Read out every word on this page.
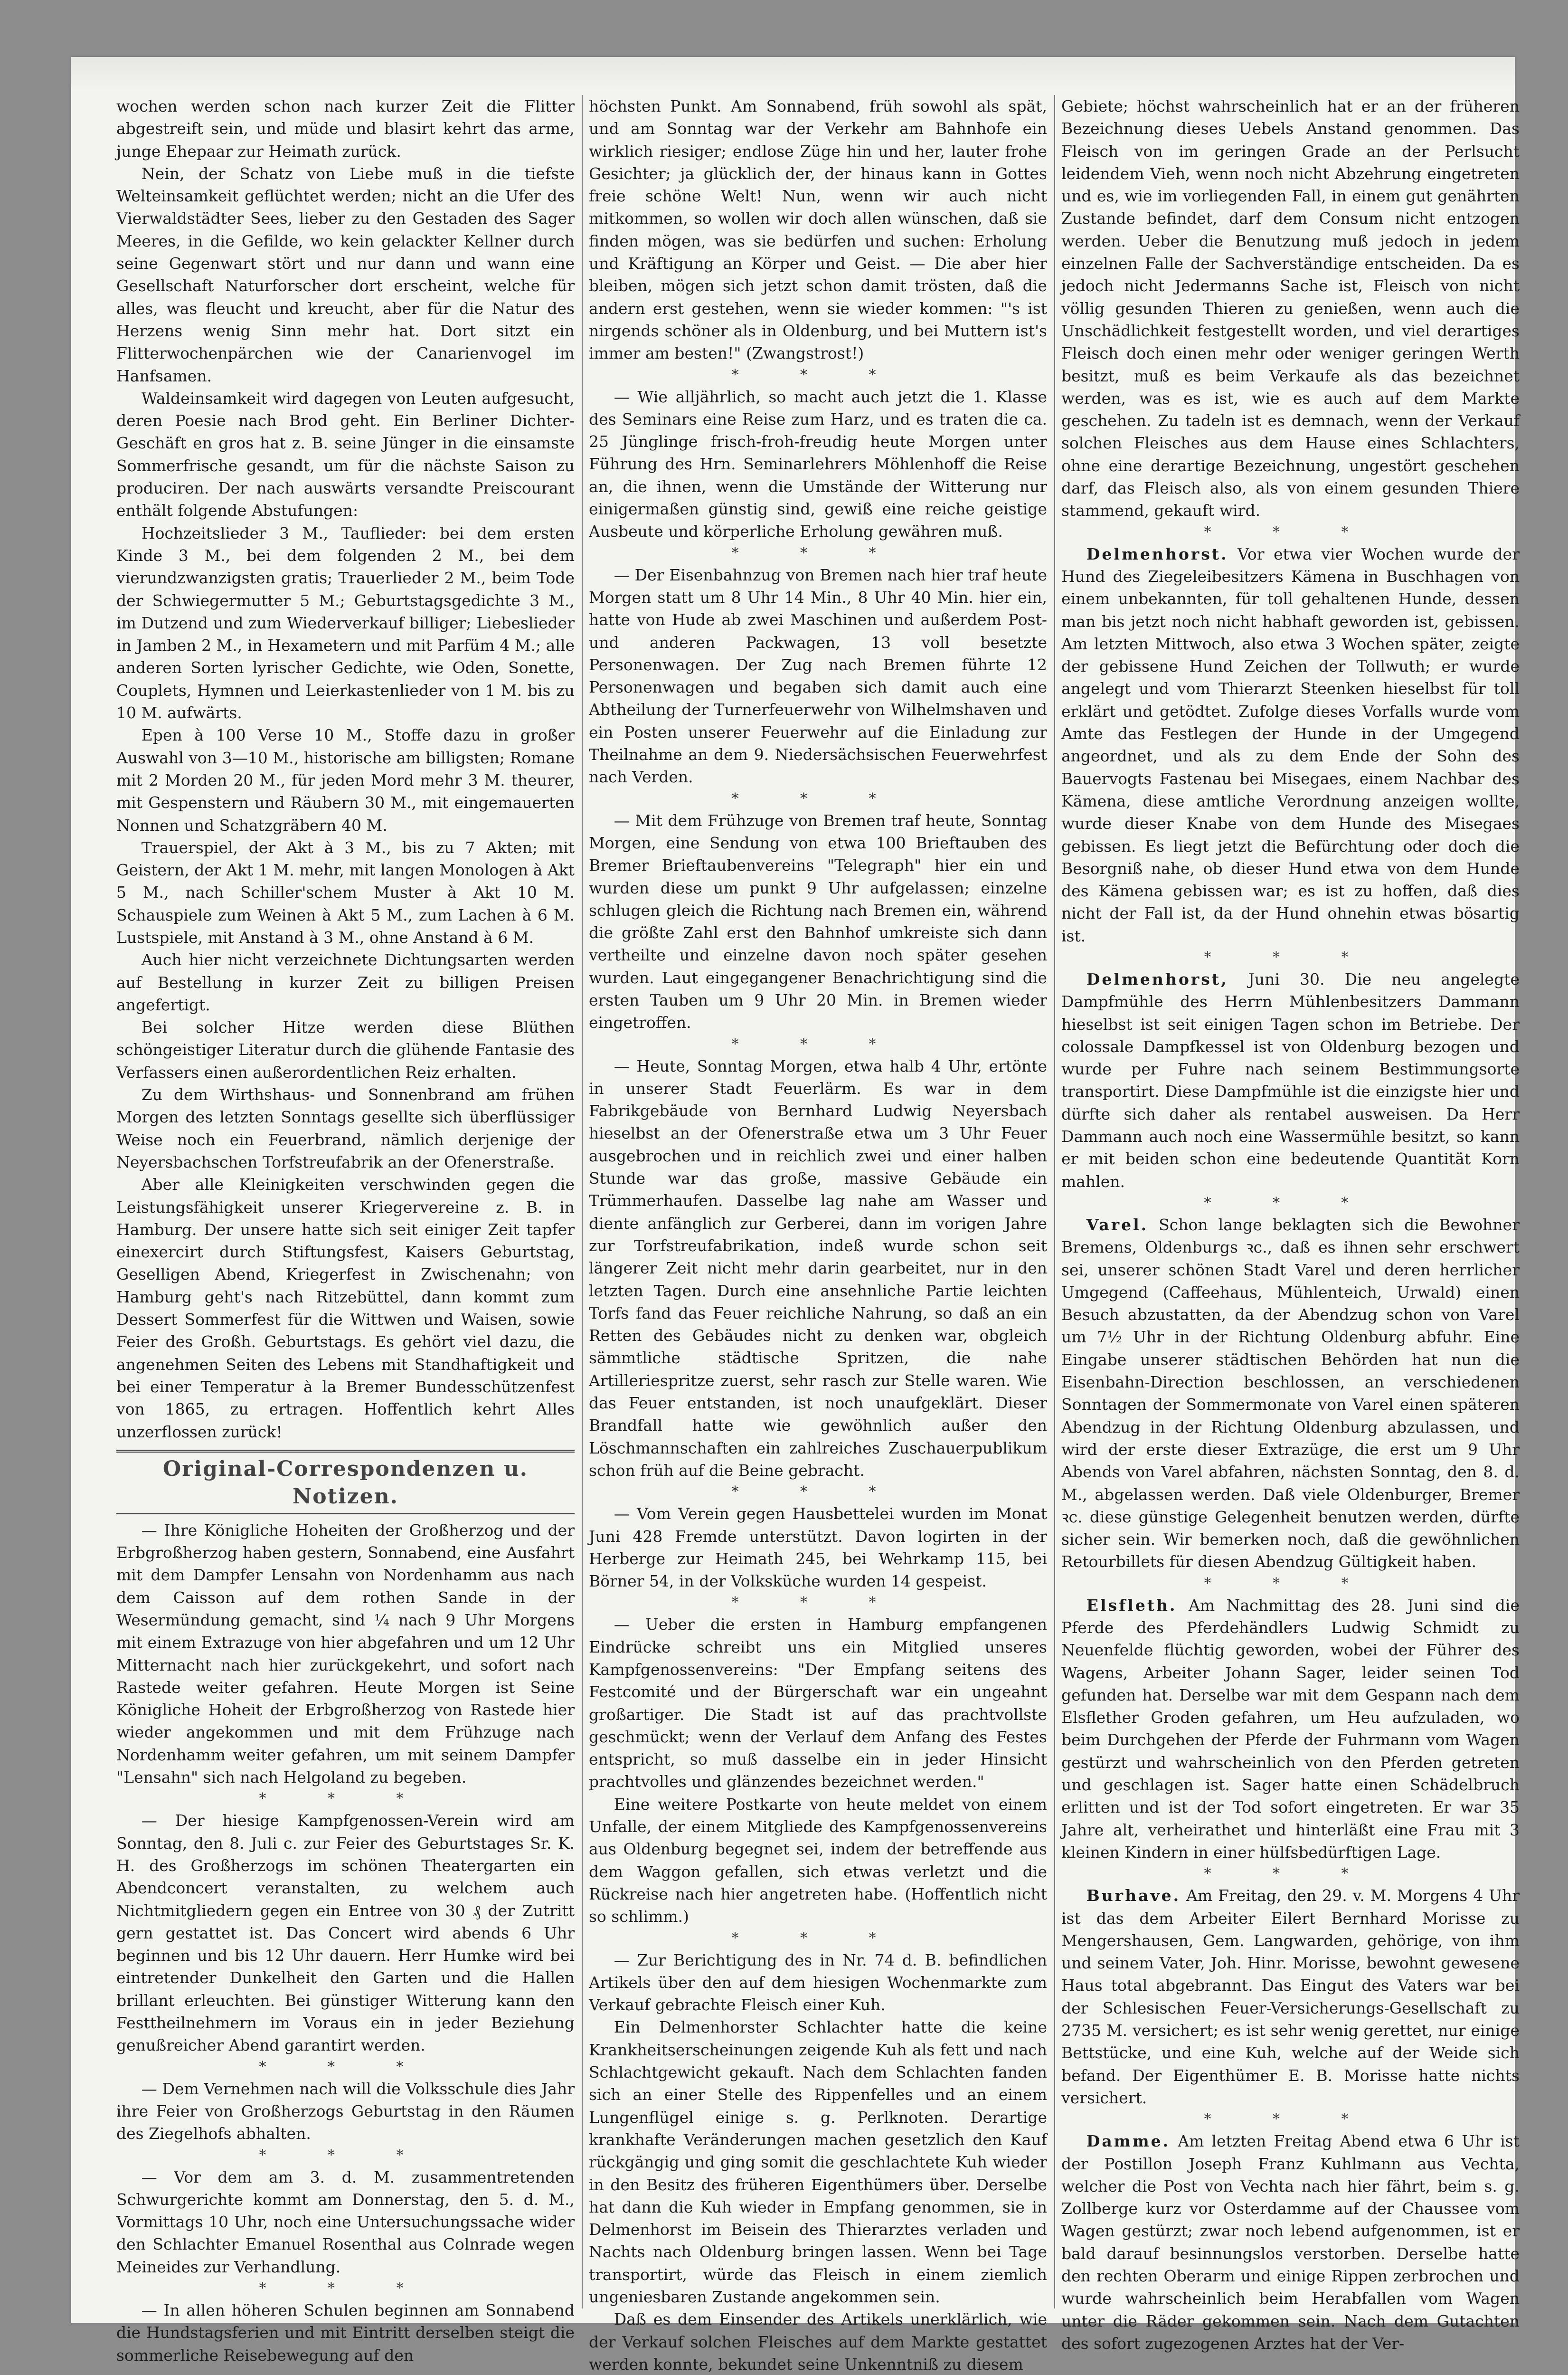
wochen werden schon nach kurzer Zeit die Flitter abgestreift sein, und müde und blasirt kehrt das arme, junge Ehepaar zur Heimath zurück.

Nein, der Schatz von Liebe muß in die tiefste Welteinsamkeit geflüchtet werden; nicht an die Ufer des Vierwaldstädter Sees, lieber zu den Gestaden des Sager Meeres, in die Gefilde, wo kein gelackter Kellner durch seine Gegenwart stört und nur dann und wann eine Gesellschaft Naturforscher dort erscheint, welche für alles, was fleucht und kreucht, aber für die Natur des Herzens wenig Sinn mehr hat. Dort sitzt ein Flitterwochenpärchen wie der Canarienvogel im Hanfsamen.

Waldeinsamkeit wird dagegen von Leuten aufgesucht, deren Poesie nach Brod geht. Ein Berliner Dichter-Geschäft en gros hat z. B. seine Jünger in die einsamste Sommerfrische gesandt, um für die nächste Saison zu produciren. Der nach auswärts versandte Preiscourant enthält folgende Abstufungen:

Hochzeitslieder 3 M., Tauflieder: bei dem ersten Kinde 3 M., bei dem folgenden 2 M., bei dem vierundzwanzigsten gratis; Trauerlieder 2 M., beim Tode der Schwiegermutter 5 M.; Geburtstagsgedichte 3 M., im Dutzend und zum Wiederverkauf billiger; Liebeslieder in Jamben 2 M., in Hexametern und mit Parfüm 4 M.; alle anderen Sorten lyrischer Gedichte, wie Oden, Sonette, Couplets, Hymnen und Leierkastenlieder von 1 M. bis zu 10 M. aufwärts.

Epen à 100 Verse 10 M., Stoffe dazu in großer Auswahl von 3—10 M., historische am billigsten; Romane mit 2 Morden 20 M., für jeden Mord mehr 3 M. theurer, mit Gespenstern und Räubern 30 M., mit eingemauerten Nonnen und Schatzgräbern 40 M.

Trauerspiel, der Akt à 3 M., bis zu 7 Akten; mit Geistern, der Akt 1 M. mehr, mit langen Monologen à Akt 5 M., nach Schiller'schem Muster à Akt 10 M. Schauspiele zum Weinen à Akt 5 M., zum Lachen à 6 M. Lustspiele, mit Anstand à 3 M., ohne Anstand à 6 M.

Auch hier nicht verzeichnete Dichtungsarten werden auf Bestellung in kurzer Zeit zu billigen Preisen angefertigt.

Bei solcher Hitze werden diese Blüthen schöngeistiger Literatur durch die glühende Fantasie des Verfassers einen außerordentlichen Reiz erhalten.

Zu dem Wirthshaus- und Sonnenbrand am frühen Morgen des letzten Sonntags gesellte sich überflüssiger Weise noch ein Feuerbrand, nämlich derjenige der Neyersbachschen Torfstreufabrik an der Ofenerstraße.

Aber alle Kleinigkeiten verschwinden gegen die Leistungsfähigkeit unserer Kriegervereine z. B. in Hamburg. Der unsere hatte sich seit einiger Zeit tapfer einexercirt durch Stiftungsfest, Kaisers Geburtstag, Geselligen Abend, Kriegerfest in Zwischenahn; von Hamburg geht's nach Ritzebüttel, dann kommt zum Dessert Sommerfest für die Wittwen und Waisen, sowie Feier des Großh. Geburtstags. Es gehört viel dazu, die angenehmen Seiten des Lebens mit Standhaftigkeit und bei einer Temperatur à la Bremer Bundesschützenfest von 1865, zu ertragen. Hoffentlich kehrt Alles unzerflossen zurück!

Original-Correspondenzen u. Notizen.

— Ihre Königliche Hoheiten der Großherzog und der Erbgroßherzog haben gestern, Sonnabend, eine Ausfahrt mit dem Dampfer Lensahn von Nordenhamm aus nach dem Caisson auf dem rothen Sande in der Wesermündung gemacht, sind ¼ nach 9 Uhr Morgens mit einem Extrazuge von hier abgefahren und um 12 Uhr Mitternacht nach hier zurückgekehrt, und sofort nach Rastede weiter gefahren. Heute Morgen ist Seine Königliche Hoheit der Erbgroßherzog von Rastede hier wieder angekommen und mit dem Frühzuge nach Nordenhamm weiter gefahren, um mit seinem Dampfer "Lensahn" sich nach Helgoland zu begeben.

* * *

— Der hiesige Kampfgenossen-Verein wird am Sonntag, den 8. Juli c. zur Feier des Geburtstages Sr. K. H. des Großherzogs im schönen Theatergarten ein Abendconcert veranstalten, zu welchem auch Nichtmitgliedern gegen ein Entree von 30 ₰ der Zutritt gern gestattet ist. Das Concert wird abends 6 Uhr beginnen und bis 12 Uhr dauern. Herr Humke wird bei eintretender Dunkelheit den Garten und die Hallen brillant erleuchten. Bei günstiger Witterung kann den Festtheilnehmern im Voraus ein in jeder Beziehung genußreicher Abend garantirt werden.

* * *

— Dem Vernehmen nach will die Volksschule dies Jahr ihre Feier von Großherzogs Geburtstag in den Räumen des Ziegelhofs abhalten.

* * *

— Vor dem am 3. d. M. zusammentretenden Schwurgerichte kommt am Donnerstag, den 5. d. M., Vormittags 10 Uhr, noch eine Untersuchungssache wider den Schlachter Emanuel Rosenthal aus Colnrade wegen Meineides zur Verhandlung.

* * *

— In allen höheren Schulen beginnen am Sonnabend die Hundstagsferien und mit Eintritt derselben steigt die sommerliche Reisebewegung auf den

höchsten Punkt. Am Sonnabend, früh sowohl als spät, und am Sonntag war der Verkehr am Bahnhofe ein wirklich riesiger; endlose Züge hin und her, lauter frohe Gesichter; ja glücklich der, der hinaus kann in Gottes freie schöne Welt! Nun, wenn wir auch nicht mitkommen, so wollen wir doch allen wünschen, daß sie finden mögen, was sie bedürfen und suchen: Erholung und Kräftigung an Körper und Geist. — Die aber hier bleiben, mögen sich jetzt schon damit trösten, daß die andern erst gestehen, wenn sie wieder kommen: "'s ist nirgends schöner als in Oldenburg, und bei Muttern ist's immer am besten!" (Zwangstrost!)

* * *

— Wie alljährlich, so macht auch jetzt die 1. Klasse des Seminars eine Reise zum Harz, und es traten die ca. 25 Jünglinge frisch-froh-freudig heute Morgen unter Führung des Hrn. Seminarlehrers Möhlenhoff die Reise an, die ihnen, wenn die Umstände der Witterung nur einigermaßen günstig sind, gewiß eine reiche geistige Ausbeute und körperliche Erholung gewähren muß.

* * *

— Der Eisenbahnzug von Bremen nach hier traf heute Morgen statt um 8 Uhr 14 Min., 8 Uhr 40 Min. hier ein, hatte von Hude ab zwei Maschinen und außerdem Post- und anderen Packwagen, 13 voll besetzte Personenwagen. Der Zug nach Bremen führte 12 Personenwagen und begaben sich damit auch eine Abtheilung der Turnerfeuerwehr von Wilhelmshaven und ein Posten unserer Feuerwehr auf die Einladung zur Theilnahme an dem 9. Niedersächsischen Feuerwehrfest nach Verden.

* * *

— Mit dem Frühzuge von Bremen traf heute, Sonntag Morgen, eine Sendung von etwa 100 Brieftauben des Bremer Brieftaubenvereins "Telegraph" hier ein und wurden diese um punkt 9 Uhr aufgelassen; einzelne schlugen gleich die Richtung nach Bremen ein, während die größte Zahl erst den Bahnhof umkreiste sich dann vertheilte und einzelne davon noch später gesehen wurden. Laut eingegangener Benachrichtigung sind die ersten Tauben um 9 Uhr 20 Min. in Bremen wieder eingetroffen.

* * *

— Heute, Sonntag Morgen, etwa halb 4 Uhr, ertönte in unserer Stadt Feuerlärm. Es war in dem Fabrikgebäude von Bernhard Ludwig Neyersbach hieselbst an der Ofenerstraße etwa um 3 Uhr Feuer ausgebrochen und in reichlich zwei und einer halben Stunde war das große, massive Gebäude ein Trümmerhaufen. Dasselbe lag nahe am Wasser und diente anfänglich zur Gerberei, dann im vorigen Jahre zur Torfstreufabrikation, indeß wurde schon seit längerer Zeit nicht mehr darin gearbeitet, nur in den letzten Tagen. Durch eine ansehnliche Partie leichten Torfs fand das Feuer reichliche Nahrung, so daß an ein Retten des Gebäudes nicht zu denken war, obgleich sämmtliche städtische Spritzen, die nahe Artilleriespritze zuerst, sehr rasch zur Stelle waren. Wie das Feuer entstanden, ist noch unaufgeklärt. Dieser Brandfall hatte wie gewöhnlich außer den Löschmannschaften ein zahlreiches Zuschauerpublikum schon früh auf die Beine gebracht.

* * *

— Vom Verein gegen Hausbettelei wurden im Monat Juni 428 Fremde unterstützt. Davon logirten in der Herberge zur Heimath 245, bei Wehrkamp 115, bei Börner 54, in der Volksküche wurden 14 gespeist.

* * *

— Ueber die ersten in Hamburg empfangenen Eindrücke schreibt uns ein Mitglied unseres Kampfgenossenvereins: "Der Empfang seitens des Festcomité und der Bürgerschaft war ein ungeahnt großartiger. Die Stadt ist auf das prachtvollste geschmückt; wenn der Verlauf dem Anfang des Festes entspricht, so muß dasselbe ein in jeder Hinsicht prachtvolles und glänzendes bezeichnet werden."

Eine weitere Postkarte von heute meldet von einem Unfalle, der einem Mitgliede des Kampfgenossenvereins aus Oldenburg begegnet sei, indem der betreffende aus dem Waggon gefallen, sich etwas verletzt und die Rückreise nach hier angetreten habe. (Hoffentlich nicht so schlimm.)

* * *

— Zur Berichtigung des in Nr. 74 d. B. befindlichen Artikels über den auf dem hiesigen Wochenmarkte zum Verkauf gebrachte Fleisch einer Kuh.

Ein Delmenhorster Schlachter hatte die keine Krankheitserscheinungen zeigende Kuh als fett und nach Schlachtgewicht gekauft. Nach dem Schlachten fanden sich an einer Stelle des Rippenfelles und an einem Lungenflügel einige s. g. Perlknoten. Derartige krankhafte Veränderungen machen gesetzlich den Kauf rückgängig und ging somit die geschlachtete Kuh wieder in den Besitz des früheren Eigenthümers über. Derselbe hat dann die Kuh wieder in Empfang genommen, sie in Delmenhorst im Beisein des Thierarztes verladen und Nachts nach Oldenburg bringen lassen. Wenn bei Tage transportirt, würde das Fleisch in einem ziemlich ungeniesbaren Zustande angekommen sein.

Daß es dem Einsender des Artikels unerklärlich, wie der Verkauf solchen Fleisches auf dem Markte gestattet werden konnte, bekundet seine Unkenntniß zu diesem

Gebiete; höchst wahrscheinlich hat er an der früheren Bezeichnung dieses Uebels Anstand genommen. Das Fleisch von im geringen Grade an der Perlsucht leidendem Vieh, wenn noch nicht Abzehrung eingetreten und es, wie im vorliegenden Fall, in einem gut genährten Zustande befindet, darf dem Consum nicht entzogen werden. Ueber die Benutzung muß jedoch in jedem einzelnen Falle der Sachverständige entscheiden. Da es jedoch nicht Jedermanns Sache ist, Fleisch von nicht völlig gesunden Thieren zu genießen, wenn auch die Unschädlichkeit festgestellt worden, und viel derartiges Fleisch doch einen mehr oder weniger geringen Werth besitzt, muß es beim Verkaufe als das bezeichnet werden, was es ist, wie es auch auf dem Markte geschehen. Zu tadeln ist es demnach, wenn der Verkauf solchen Fleisches aus dem Hause eines Schlachters, ohne eine derartige Bezeichnung, ungestört geschehen darf, das Fleisch also, als von einem gesunden Thiere stammend, gekauft wird.

* * *

Delmenhorst. Vor etwa vier Wochen wurde der Hund des Ziegeleibesitzers Kämena in Buschhagen von einem unbekannten, für toll gehaltenen Hunde, dessen man bis jetzt noch nicht habhaft geworden ist, gebissen. Am letzten Mittwoch, also etwa 3 Wochen später, zeigte der gebissene Hund Zeichen der Tollwuth; er wurde angelegt und vom Thierarzt Steenken hieselbst für toll erklärt und getödtet. Zufolge dieses Vorfalls wurde vom Amte das Festlegen der Hunde in der Umgegend angeordnet, und als zu dem Ende der Sohn des Bauervogts Fastenau bei Misegaes, einem Nachbar des Kämena, diese amtliche Verordnung anzeigen wollte, wurde dieser Knabe von dem Hunde des Misegaes gebissen. Es liegt jetzt die Befürchtung oder doch die Besorgniß nahe, ob dieser Hund etwa von dem Hunde des Kämena gebissen war; es ist zu hoffen, daß dies nicht der Fall ist, da der Hund ohnehin etwas bösartig ist.

* * *

Delmenhorst, Juni 30. Die neu angelegte Dampfmühle des Herrn Mühlenbesitzers Dammann hieselbst ist seit einigen Tagen schon im Betriebe. Der colossale Dampfkessel ist von Oldenburg bezogen und wurde per Fuhre nach seinem Bestimmungsorte transportirt. Diese Dampfmühle ist die einzigste hier und dürfte sich daher als rentabel ausweisen. Da Herr Dammann auch noch eine Wassermühle besitzt, so kann er mit beiden schon eine bedeutende Quantität Korn mahlen.

* * *

Varel. Schon lange beklagten sich die Bewohner Bremens, Oldenburgs ꝛc., daß es ihnen sehr erschwert sei, unserer schönen Stadt Varel und deren herrlicher Umgegend (Caffeehaus, Mühlenteich, Urwald) einen Besuch abzustatten, da der Abendzug schon von Varel um 7½ Uhr in der Richtung Oldenburg abfuhr. Eine Eingabe unserer städtischen Behörden hat nun die Eisenbahn-Direction beschlossen, an verschiedenen Sonntagen der Sommermonate von Varel einen späteren Abendzug in der Richtung Oldenburg abzulassen, und wird der erste dieser Extrazüge, die erst um 9 Uhr Abends von Varel abfahren, nächsten Sonntag, den 8. d. M., abgelassen werden. Daß viele Oldenburger, Bremer ꝛc. diese günstige Gelegenheit benutzen werden, dürfte sicher sein. Wir bemerken noch, daß die gewöhnlichen Retourbillets für diesen Abendzug Gültigkeit haben.

* * *

Elsfleth. Am Nachmittag des 28. Juni sind die Pferde des Pferdehändlers Ludwig Schmidt zu Neuenfelde flüchtig geworden, wobei der Führer des Wagens, Arbeiter Johann Sager, leider seinen Tod gefunden hat. Derselbe war mit dem Gespann nach dem Elsflether Groden gefahren, um Heu aufzuladen, wo beim Durchgehen der Pferde der Fuhrmann vom Wagen gestürzt und wahrscheinlich von den Pferden getreten und geschlagen ist. Sager hatte einen Schädelbruch erlitten und ist der Tod sofort eingetreten. Er war 35 Jahre alt, verheirathet und hinterläßt eine Frau mit 3 kleinen Kindern in einer hülfsbedürftigen Lage.

* * *

Burhave. Am Freitag, den 29. v. M. Morgens 4 Uhr ist das dem Arbeiter Eilert Bernhard Morisse zu Mengershausen, Gem. Langwarden, gehörige, von ihm und seinem Vater, Joh. Hinr. Morisse, bewohnt gewesene Haus total abgebrannt. Das Eingut des Vaters war bei der Schlesischen Feuer-Versicherungs-Gesellschaft zu 2735 M. versichert; es ist sehr wenig gerettet, nur einige Bettstücke, und eine Kuh, welche auf der Weide sich befand. Der Eigenthümer E. B. Morisse hatte nichts versichert.

* * *

Damme. Am letzten Freitag Abend etwa 6 Uhr ist der Postillon Joseph Franz Kuhlmann aus Vechta, welcher die Post von Vechta nach hier fährt, beim s. g. Zollberge kurz vor Osterdamme auf der Chaussee vom Wagen gestürzt; zwar noch lebend aufgenommen, ist er bald darauf besinnungslos verstorben. Derselbe hatte den rechten Oberarm und einige Rippen zerbrochen und wurde wahrscheinlich beim Herabfallen vom Wagen unter die Räder gekommen sein. Nach dem Gutachten des sofort zugezogenen Arztes hat der Ver-
